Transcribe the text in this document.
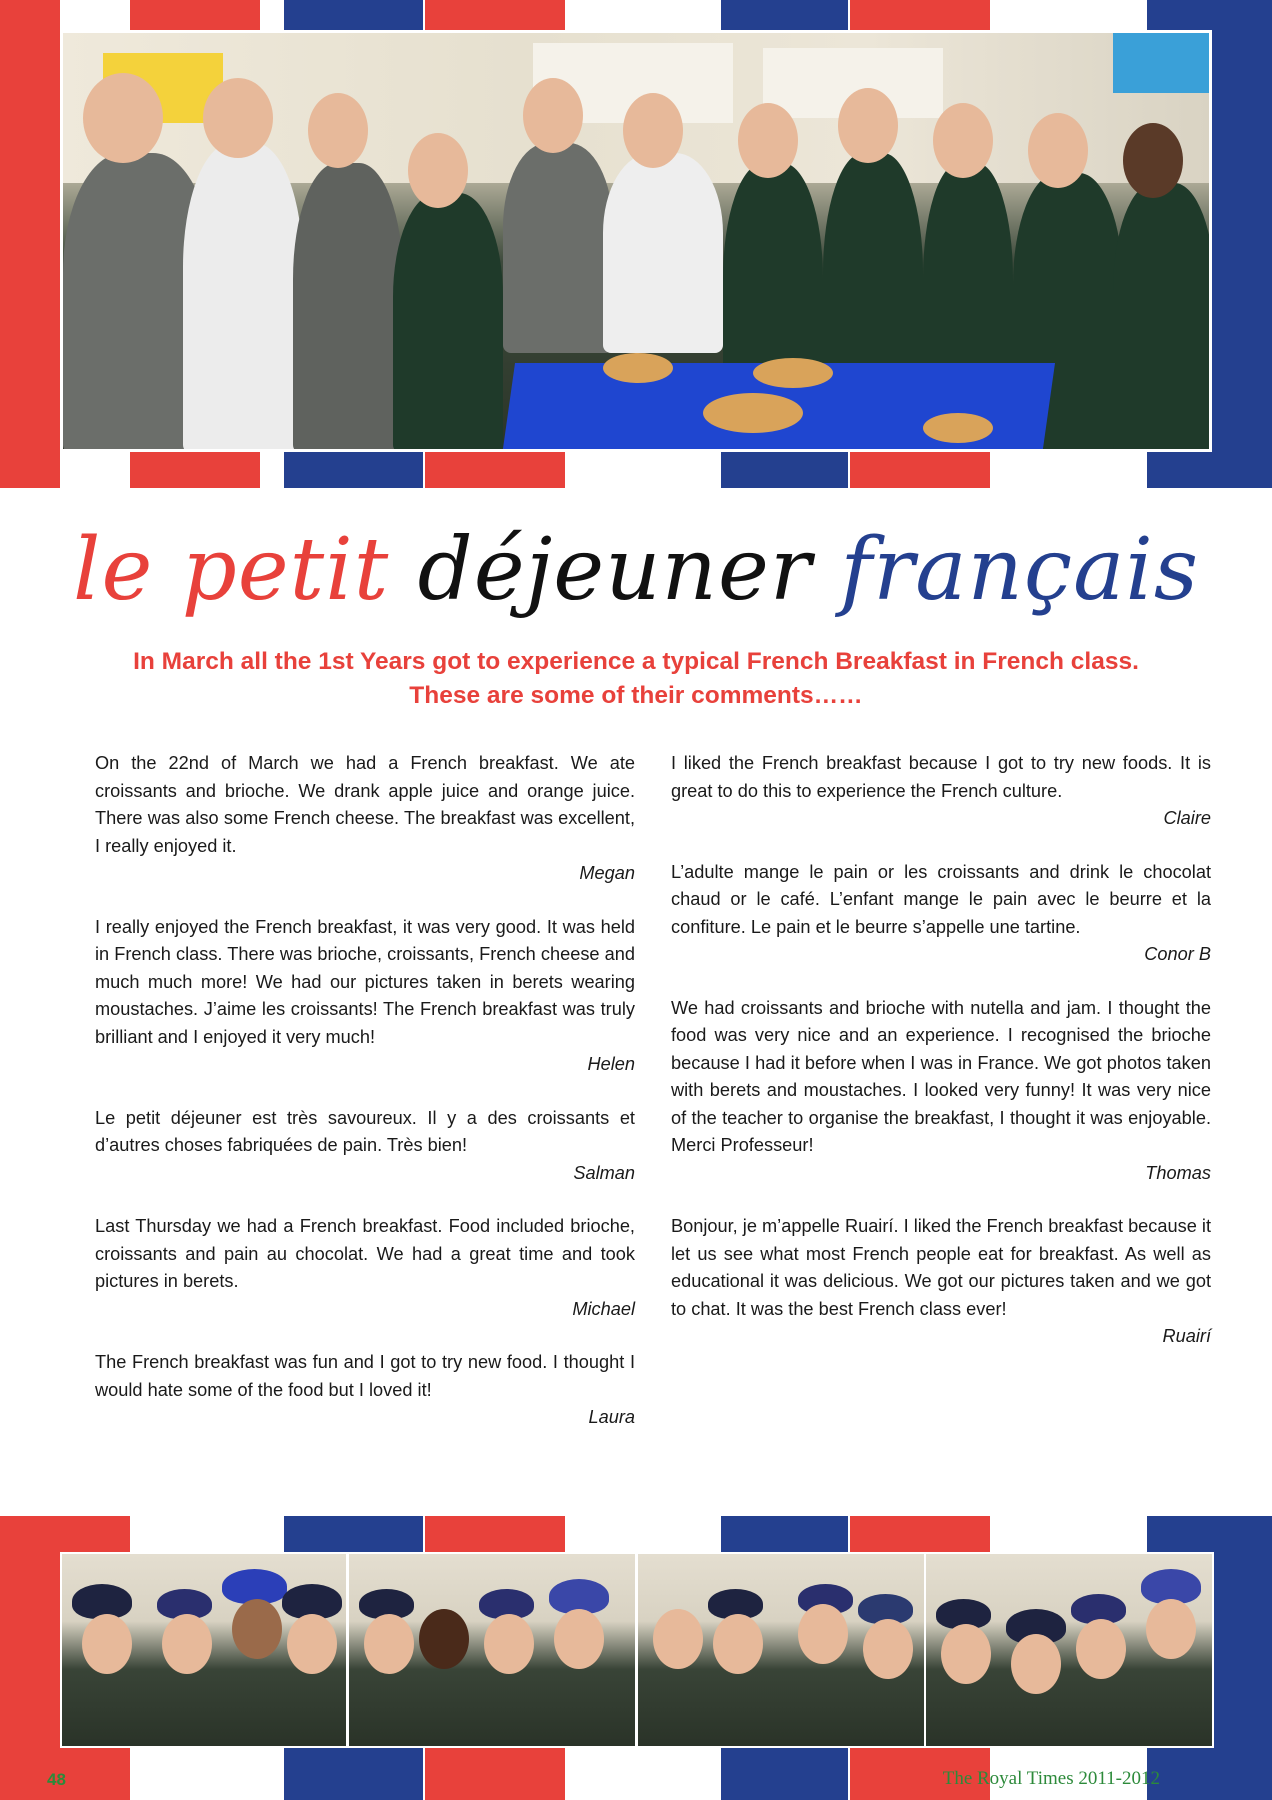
le petit déjeuner français
In March all the 1st Years got to experience a typical French Breakfast in French class.
These are some of their comments……

On the 22nd of March we had a French breakfast. We ate croissants and brioche. We drank apple juice and orange juice. There was also some French cheese. The breakfast was excellent, I really enjoyed it.

Megan

I really enjoyed the French breakfast, it was very good. It was held in French class. There was brioche, croissants, French cheese and much much more! We had our pictures taken in berets wearing moustaches. J’aime les croissants! The French breakfast was truly brilliant and I enjoyed it very much!

Helen

Le petit déjeuner est très savoureux. Il y a des croissants et d’autres choses fabriquées de pain. Très bien!

Salman

Last Thursday we had a French breakfast. Food included brioche, croissants and pain au chocolat. We had a great time and took pictures in berets.

Michael

The French breakfast was fun and I got to try new food. I thought I would hate some of the food but I loved it!

Laura

I liked the French breakfast because I got to try new foods. It is great to do this to experience the French culture.

Claire

L’adulte mange le pain or les croissants and drink le chocolat chaud or le café. L’enfant mange le pain avec le beurre et la confiture. Le pain et le beurre s’appelle une tartine.

Conor B

We had croissants and brioche with nutella and jam. I thought the food was very nice and an experience. I recognised the brioche because I had it before when I was in France. We got photos taken with berets and moustaches. I looked very funny! It was very nice of the teacher to organise the breakfast, I thought it was enjoyable. Merci Professeur!

Thomas

Bonjour, je m’appelle Ruairí. I liked the French breakfast because it let us see what most French people eat for breakfast. As well as educational it was delicious. We got our pictures taken and we got to chat. It was the best French class ever!

Ruairí

48	The Royal Times 2011-2012
